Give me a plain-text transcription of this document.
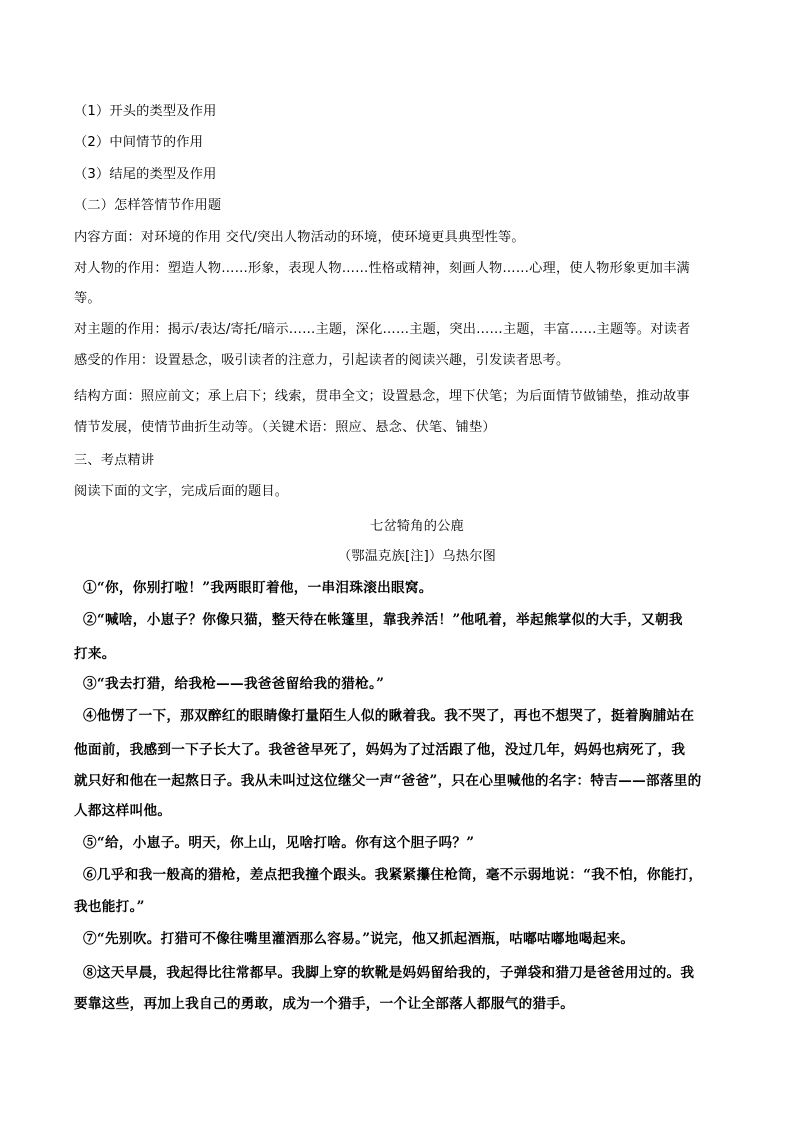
（1）开头的类型及作用
（2）中间情节的作用
（3）结尾的类型及作用
（二）怎样答情节作用题
内容方面：对环境的作用 交代/突出人物活动的环境，使环境更具典型性等。
对人物的作用：塑造人物……形象，表现人物……性格或精神，刻画人物……心理，使人物形象更加丰满
等。
对主题的作用：揭示/表达/寄托/暗示……主题，深化……主题，突出……主题，丰富……主题等。对读者
感受的作用：设置悬念，吸引读者的注意力，引起读者的阅读兴趣，引发读者思考。
结构方面：照应前文；承上启下；线索，贯串全文；设置悬念，埋下伏笔；为后面情节做铺垫，推动故事
情节发展，使情节曲折生动等。（关键术语：照应、悬念、伏笔、铺垫）
三、考点精讲
阅读下面的文字，完成后面的题目。
七岔犄角的公鹿
（鄂温克族[注]）乌热尔图
①“你，你别打啦！”我两眼盯着他，一串泪珠滚出眼窝。
②“喊啥，小崽子？你像只猫，整天待在帐篷里，靠我养活！”他吼着，举起熊掌似的大手，又朝我
打来。
③“我去打猎，给我枪——我爸爸留给我的猎枪。”
④他愣了一下，那双醉红的眼睛像打量陌生人似的瞅着我。我不哭了，再也不想哭了，挺着胸脯站在
他面前，我感到一下子长大了。我爸爸早死了，妈妈为了过活跟了他，没过几年，妈妈也病死了，我
就只好和他在一起熬日子。我从未叫过这位继父一声“爸爸”，只在心里喊他的名字：特吉——部落里的
人都这样叫他。
⑤“给，小崽子。明天，你上山，见啥打啥。你有这个胆子吗？”
⑥几乎和我一般高的猎枪，差点把我撞个跟头。我紧紧攥住枪筒，毫不示弱地说：“我不怕，你能打，
我也能打。”
⑦“先别吹。打猎可不像往嘴里灌酒那么容易。”说完，他又抓起酒瓶，咕嘟咕嘟地喝起来。
⑧这天早晨，我起得比往常都早。我脚上穿的软靴是妈妈留给我的，子弹袋和猎刀是爸爸用过的。我
要靠这些，再加上我自己的勇敢，成为一个猎手，一个让全部落人都服气的猎手。
